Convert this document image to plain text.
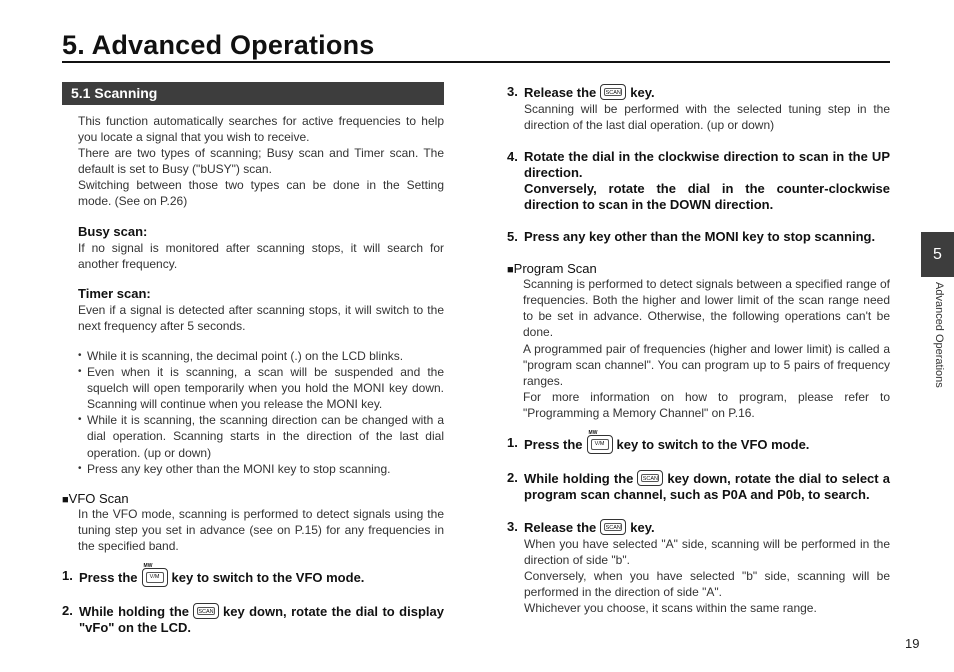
5. Advanced Operations
5.1 Scanning

This function automatically searches for active frequencies to help you locate a signal that you wish to receive.

There are two types of scanning; Busy scan and Timer scan. The default is set to Busy ("bUSY") scan.

Switching between those two types can be done in the Setting mode. (See on P.26)

Busy scan:

If no signal is monitored after scanning stops, it will search for another frequency.

Timer scan:

Even if a signal is detected after scanning stops, it will switch to the next frequency after 5 seconds.

• While it is scanning, the decimal point (.) on the LCD blinks.
• Even when it is scanning, a scan will be suspended and the squelch will open temporarily when you hold the MONI key down. Scanning will continue when you release the MONI key.
• While it is scanning, the scanning direction can be changed with a dial operation. Scanning starts in the direction of the last dial operation. (up or down)
• Press any key other than the MONI key to stop scanning.
■VFO Scan

In the VFO mode, scanning is performed to detect signals using the tuning step you set in advance (see on P.15) for any frequencies in the specified band.

1. Press the $\frac{MW}{V/M}$ key to switch to the VFO mode.
2. While holding the SCAN key down, rotate the dial to display "vFo" on the LCD.
3. Release the SCAN key.

Scanning will be performed with the selected tuning step in the direction of the last dial operation. (up or down)

4. Rotate the dial in the clockwise direction to scan in the UP direction.
Conversely, rotate the dial in the counter-clockwise direction to scan in the DOWN direction.
5. Press any key other than the MONI key to stop scanning.
■Program Scan

Scanning is performed to detect signals between a specified range of frequencies. Both the higher and lower limit of the scan range need to be set in advance. Otherwise, the following operations can't be done.

A programmed pair of frequencies (higher and lower limit) is called a "program scan channel". You can program up to 5 pairs of frequency ranges.

For more information on how to program, please refer to "Programming a Memory Channel" on P.16.

1. Press the $\frac{MW}{V/M}$ key to switch to the VFO mode.
2. While holding the SCAN key down, rotate the dial to select a program scan channel, such as P0A and P0b, to search.
3. Release the SCAN key.

When you have selected "A" side, scanning will be performed in the direction of side "b".

Conversely, when you have selected "b" side, scanning will be performed in the direction of side "A".

Whichever you choose, it scans within the same range.

5
Advanced Operations
19
